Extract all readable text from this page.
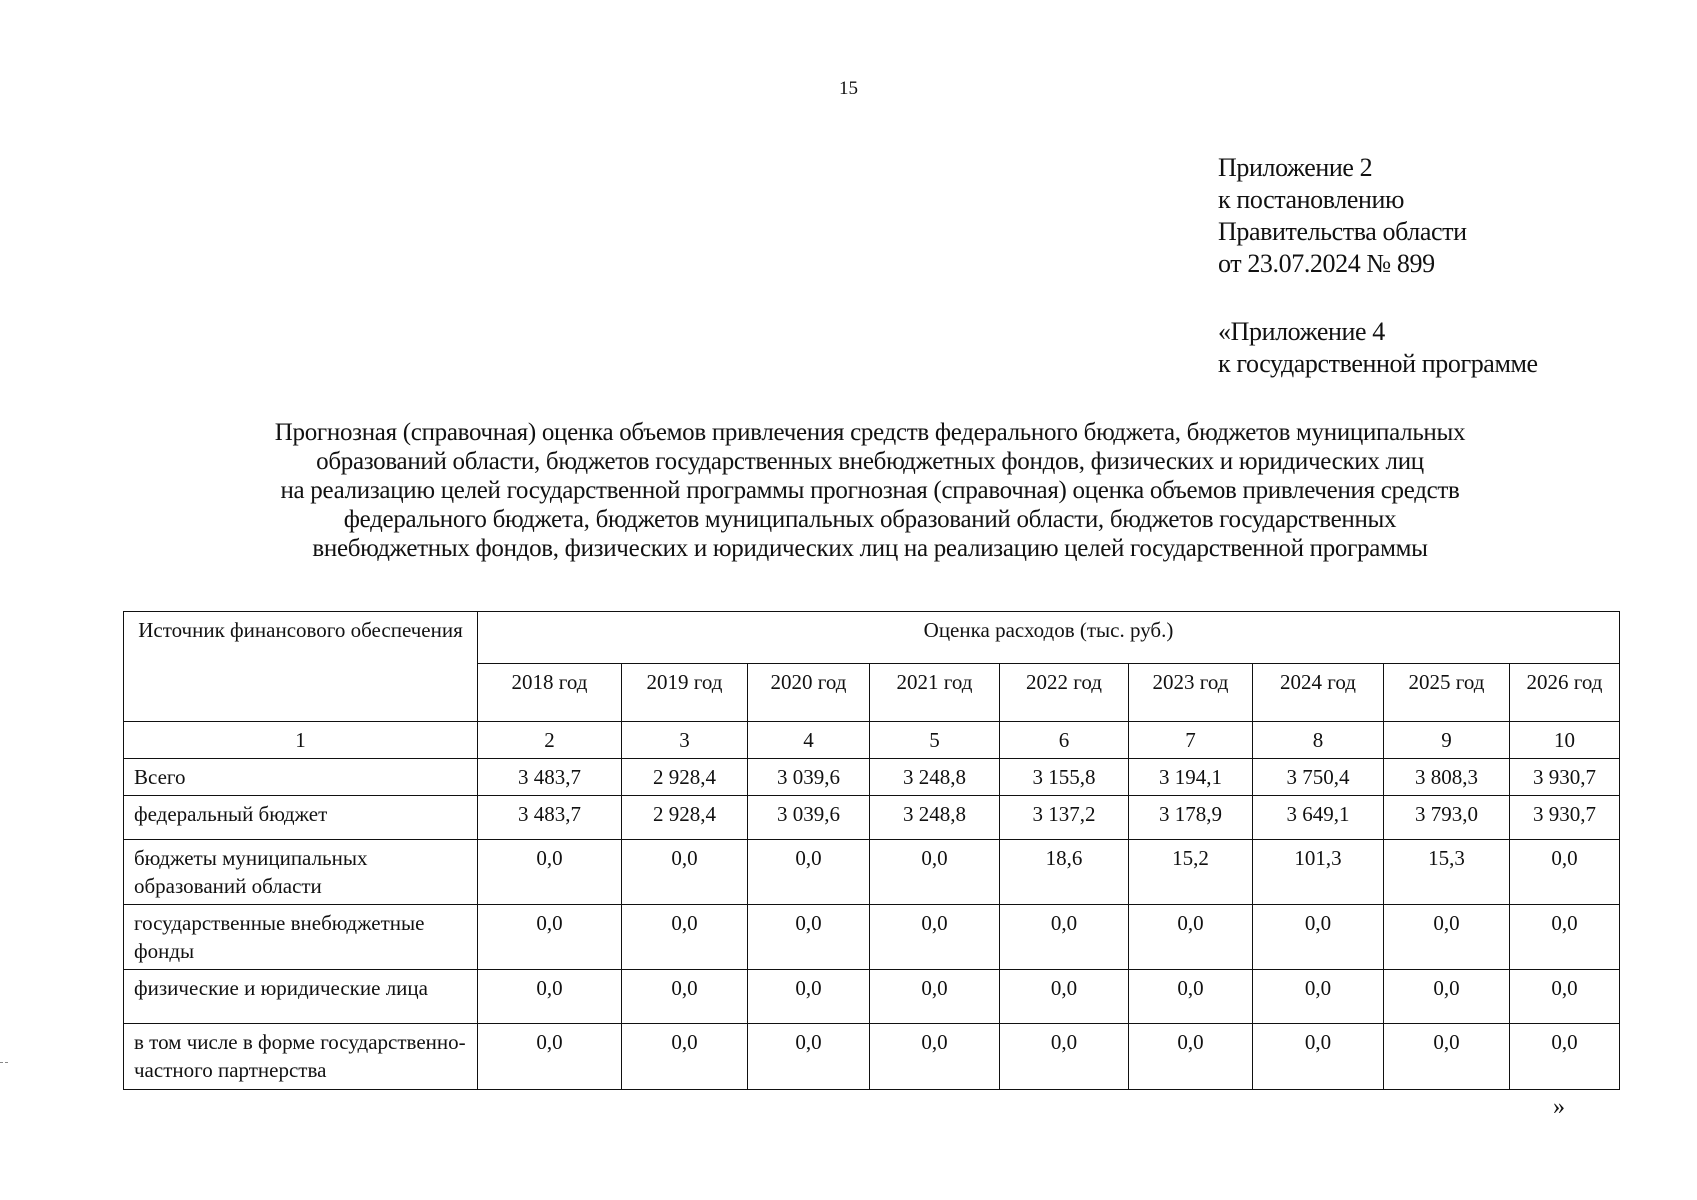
15
Приложение 2
к постановлению
Правительства области
от 23.07.2024 № 899
«Приложение 4
к государственной программе
Прогнозная (справочная) оценка объемов привлечения средств федерального бюджета, бюджетов муниципальных
образований области, бюджетов государственных внебюджетных фондов, физических и юридических лиц
на реализацию целей государственной программы прогнозная (справочная) оценка объемов привлечения средств
федерального бюджета, бюджетов муниципальных образований области, бюджетов государственных
внебюджетных фондов, физических и юридических лиц на реализацию целей государственной программы
Источник финансового обеспечения	Оценка расходов (тыс. руб.)								
	2018 год	2019 год	2020 год	2021 год	2022 год	2023 год	2024 год	2025 год	2026 год
1	2	3	4	5	6	7	8	9	10
Всего	3 483,7	2 928,4	3 039,6	3 248,8	3 155,8	3 194,1	3 750,4	3 808,3	3 930,7
федеральный бюджет	3 483,7	2 928,4	3 039,6	3 248,8	3 137,2	3 178,9	3 649,1	3 793,0	3 930,7
бюджеты муниципальных образований области	0,0	0,0	0,0	0,0	18,6	15,2	101,3	15,3	0,0
государственные внебюджетные фонды	0,0	0,0	0,0	0,0	0,0	0,0	0,0	0,0	0,0
физические и юридические лица	0,0	0,0	0,0	0,0	0,0	0,0	0,0	0,0	0,0
в том числе в форме государственно-частного партнерства	0,0	0,0	0,0	0,0	0,0	0,0	0,0	0,0	0,0
»
